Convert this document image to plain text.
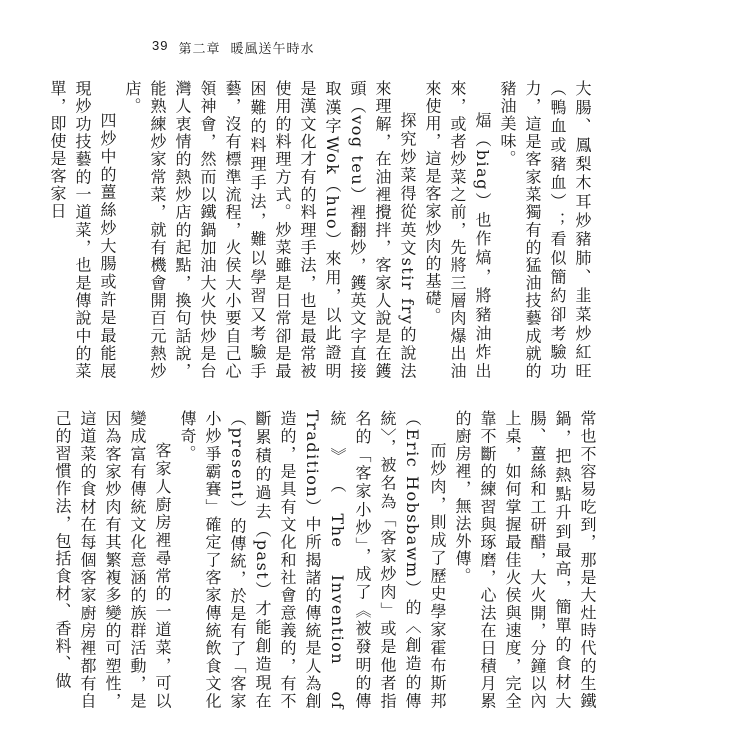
39 第二章 暖風送午時水

大腸、鳳梨木耳炒豬肺、韭菜炒紅旺（鴨血或豬血）；看似簡約卻考驗功力，這是客家菜獨有的猛油技藝成就的豬油美味。

煏（biag）也作熇，將豬油炸出來，或者炒菜之前，先將三層肉爆出油來使用，這是客家炒肉的基礎。

探究炒菜得從英文stir fry的說法來理解，在油裡攪拌，客家人說是在鑊頭（vog teu）裡翻炒，鑊英文字直接取漢字Wok（huo）來用，以此證明是漢文化才有的料理手法，也是最常被使用的料理方式。炒菜雖是日常卻是最困難的料理手法，難以學習又考驗手藝，沒有標準流程，火侯大小要自己心領神會，然而以鐵鍋加油大火快炒是台灣人衷情的熱炒店的起點，換句話說，能熟練炒家常菜，就有機會開百元熱炒店。

四炒中的薑絲炒大腸或許是最能展現炒功技藝的一道菜，也是傳說中的菜單，即使是客家日

常也不容易吃到，那是大灶時代的生鐵鍋，把熱點升到最高，簡單的食材大腸、薑絲和工研醋，大火開，分鐘以內上桌，如何掌握最佳火侯與速度，完全靠不斷的練習與琢磨，心法在日積月累的廚房裡，無法外傳。

而炒肉，則成了歷史學家霍布斯邦（Eric Hobsbawm）的〈創造的傳統〉，被名為「客家炒肉」或是他者指名的「客家小炒」，成了《被發明的傳統》（The Invention of Tradition）中所揭諸的傳統是人為創造的，是具有文化和社會意義的，有不斷累積的過去（past）才能創造現在（present）的傳統，於是有了「客家小炒爭霸賽」確定了客家傳統飲食文化傳奇。

客家人廚房裡尋常的一道菜，可以變成富有傳統文化意涵的族群活動，是因為客家炒肉有其繁複多變的可塑性，這道菜的食材在每個客家廚房裡都有自己的習慣作法，包括食材、香料、做
